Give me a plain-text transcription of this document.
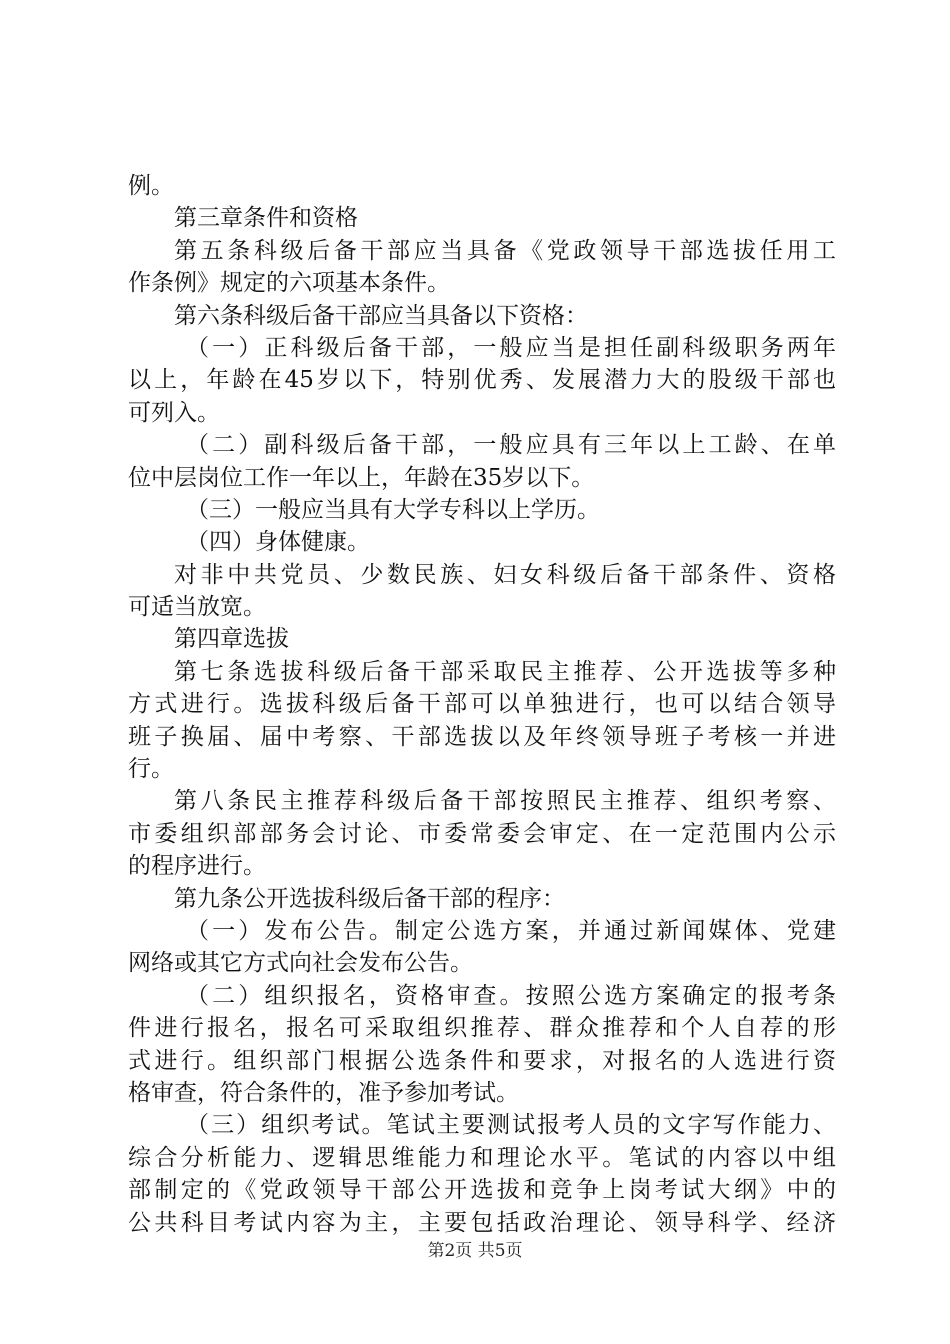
例。
第三章条件和资格
第五条科级后备干部应当具备《党政领导干部选拔任用工
作条例》规定的六项基本条件。
第六条科级后备干部应当具备以下资格：
（一）正科级后备干部，一般应当是担任副科级职务两年
以上，年龄在45岁以下，特别优秀、发展潜力大的股级干部也
可列入。
（二）副科级后备干部，一般应具有三年以上工龄、在单
位中层岗位工作一年以上，年龄在35岁以下。
（三）一般应当具有大学专科以上学历。
（四）身体健康。
对非中共党员、少数民族、妇女科级后备干部条件、资格
可适当放宽。
第四章选拔
第七条选拔科级后备干部采取民主推荐、公开选拔等多种
方式进行。选拔科级后备干部可以单独进行，也可以结合领导
班子换届、届中考察、干部选拔以及年终领导班子考核一并进
行。
第八条民主推荐科级后备干部按照民主推荐、组织考察、
市委组织部部务会讨论、市委常委会审定、在一定范围内公示
的程序进行。
第九条公开选拔科级后备干部的程序：
（一）发布公告。制定公选方案，并通过新闻媒体、党建
网络或其它方式向社会发布公告。
（二）组织报名，资格审查。按照公选方案确定的报考条
件进行报名，报名可采取组织推荐、群众推荐和个人自荐的形
式进行。组织部门根据公选条件和要求，对报名的人选进行资
格审查，符合条件的，准予参加考试。
（三）组织考试。笔试主要测试报考人员的文字写作能力、
综合分析能力、逻辑思维能力和理论水平。笔试的内容以中组
部制定的《党政领导干部公开选拔和竞争上岗考试大纲》中的
公共科目考试内容为主，主要包括政治理论、领导科学、经济
第2页 共5页
